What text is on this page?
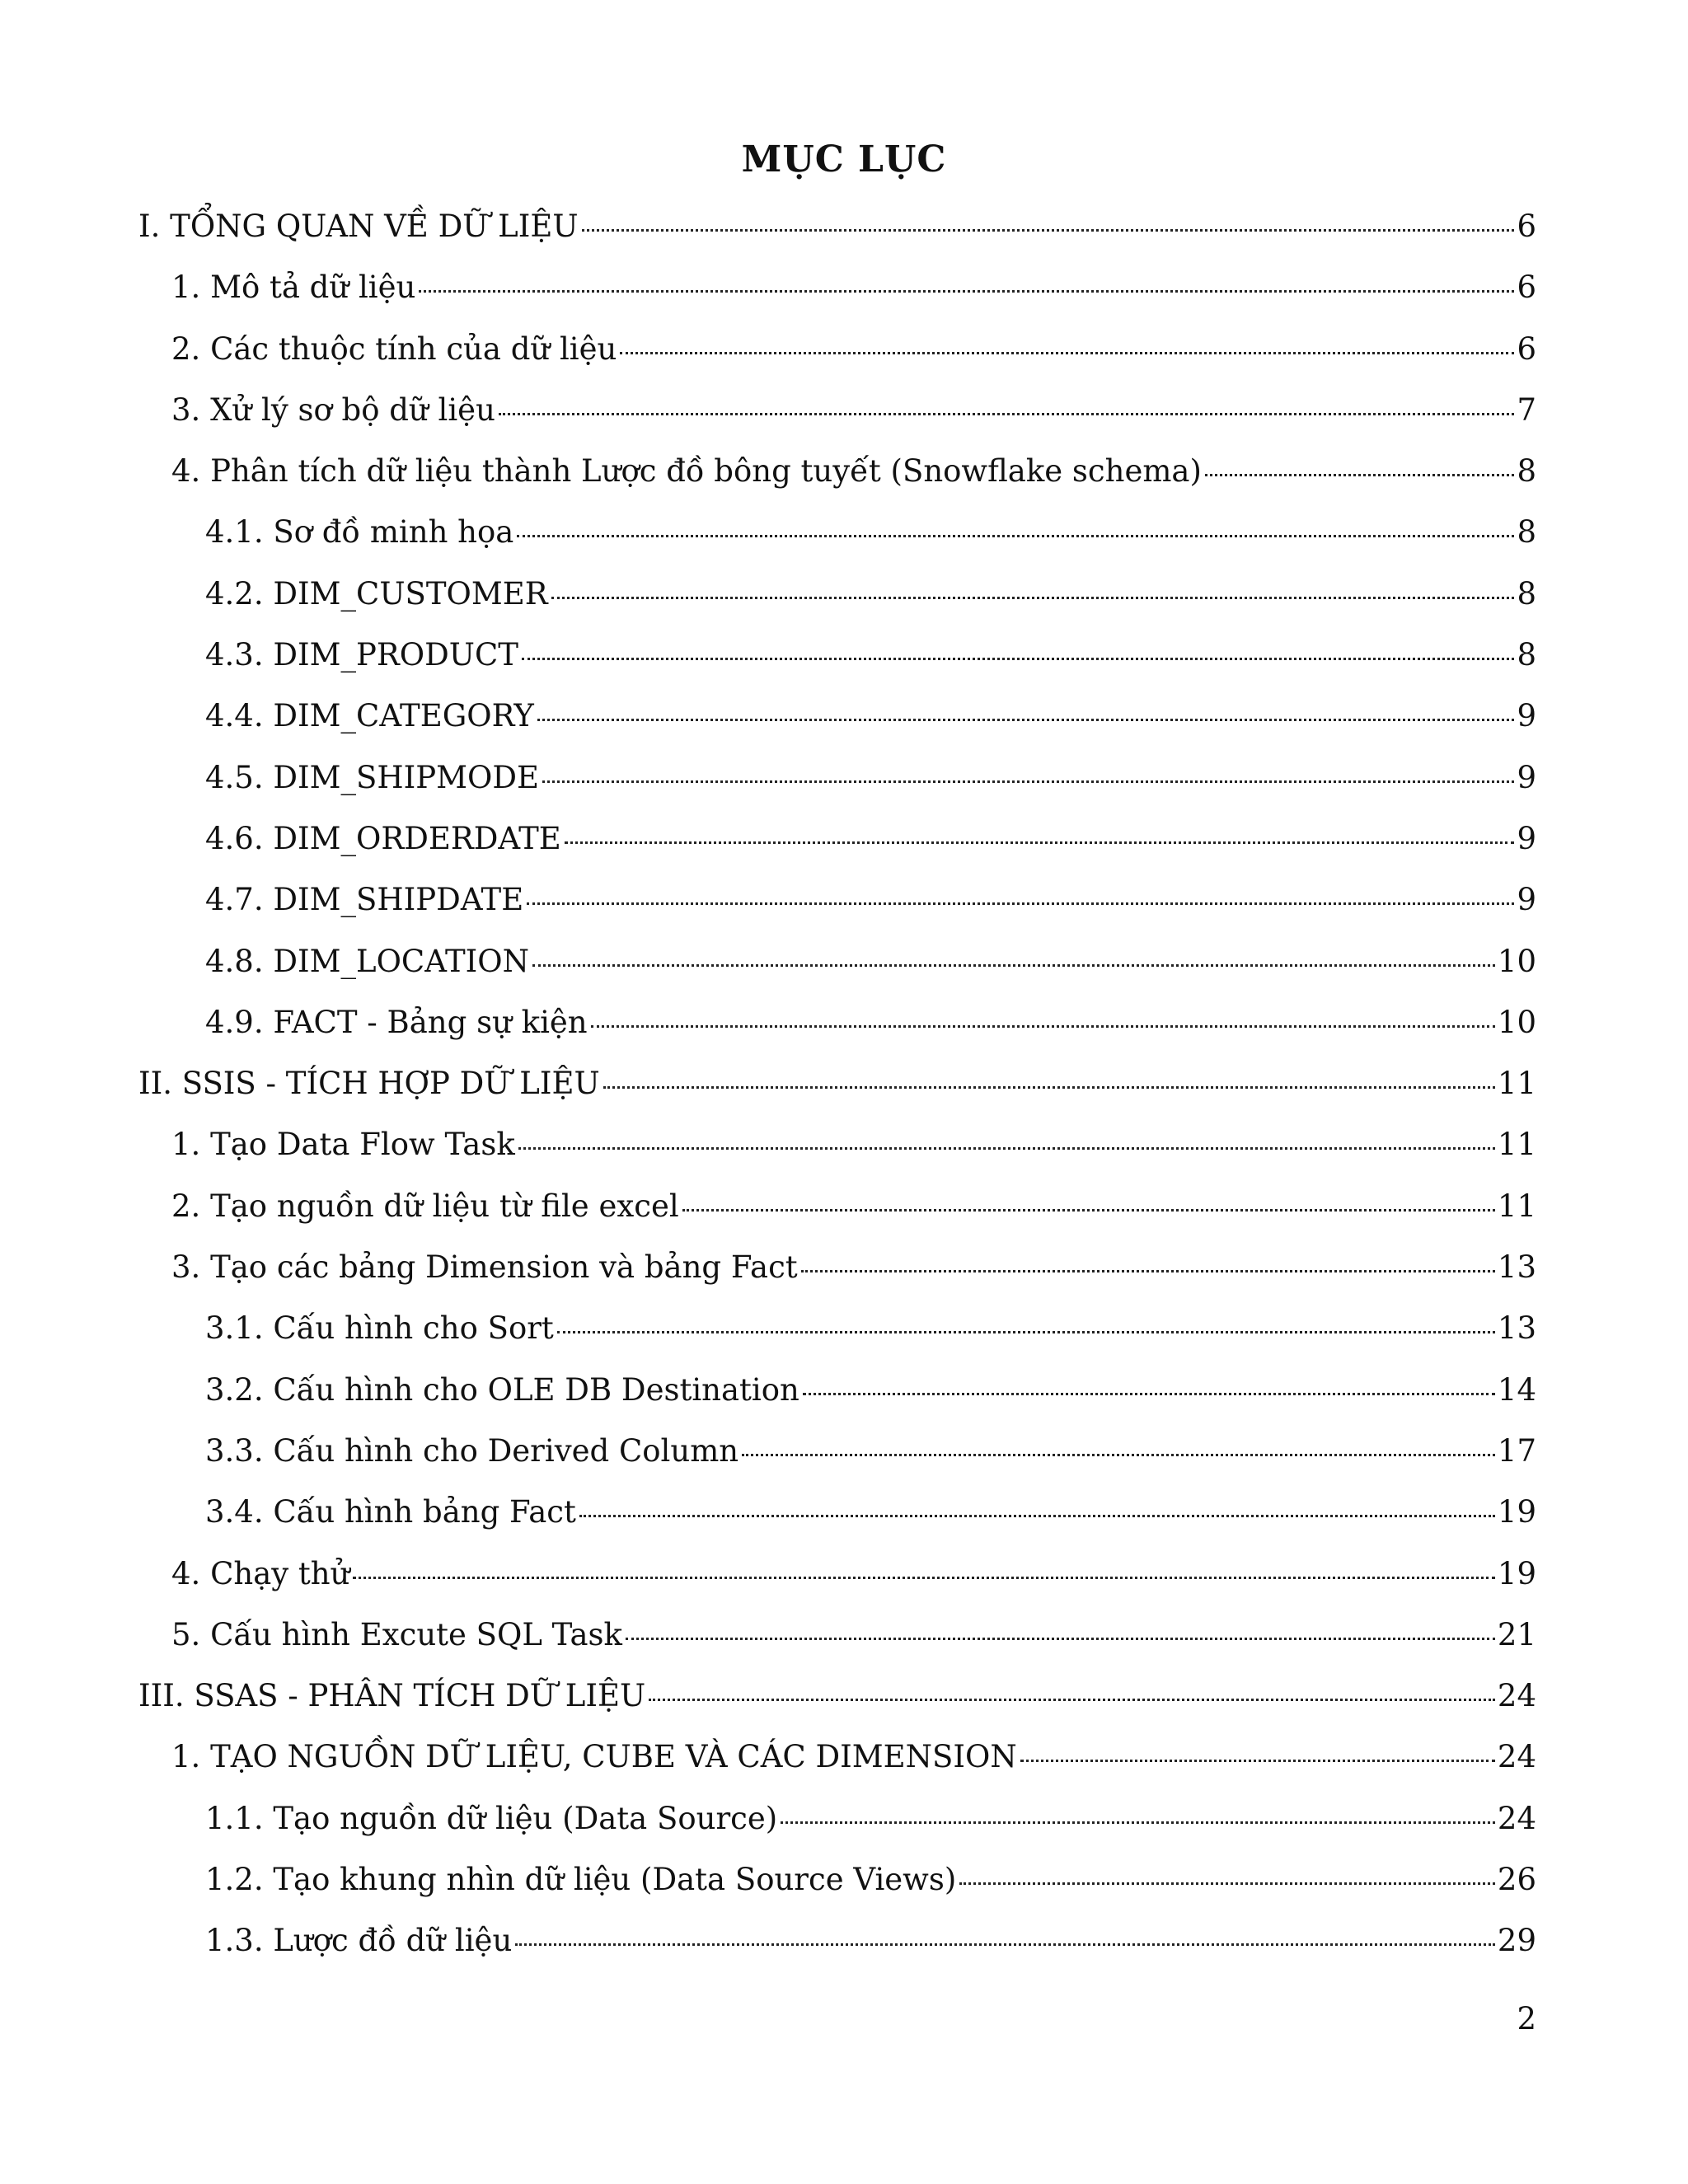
MỤC LỤC
I. TỔNG QUAN VỀ DỮ LIỆU	6
1. Mô tả dữ liệu	6
2. Các thuộc tính của dữ liệu	6
3. Xử lý sơ bộ dữ liệu	7
4. Phân tích dữ liệu thành Lược đồ bông tuyết (Snowflake schema)	8
4.1. Sơ đồ minh họa	8
4.2. DIM_CUSTOMER	8
4.3. DIM_PRODUCT	8
4.4. DIM_CATEGORY	9
4.5. DIM_SHIPMODE	9
4.6. DIM_ORDERDATE	9
4.7. DIM_SHIPDATE	9
4.8. DIM_LOCATION	10
4.9. FACT - Bảng sự kiện	10
II. SSIS - TÍCH HỢP DỮ LIỆU	11
1. Tạo Data Flow Task	11
2. Tạo nguồn dữ liệu từ file excel	11
3. Tạo các bảng Dimension và bảng Fact	13
3.1. Cấu hình cho Sort	13
3.2. Cấu hình cho OLE DB Destination	14
3.3. Cấu hình cho Derived Column	17
3.4. Cấu hình bảng Fact	19
4. Chạy thử	19
5. Cấu hình Excute SQL Task	21
III. SSAS - PHÂN TÍCH DỮ LIỆU	24
1. TẠO NGUỒN DỮ LIỆU, CUBE VÀ CÁC DIMENSION	24
1.1. Tạo nguồn dữ liệu (Data Source)	24
1.2. Tạo khung nhìn dữ liệu (Data Source Views)	26
1.3. Lược đồ dữ liệu	29
2
